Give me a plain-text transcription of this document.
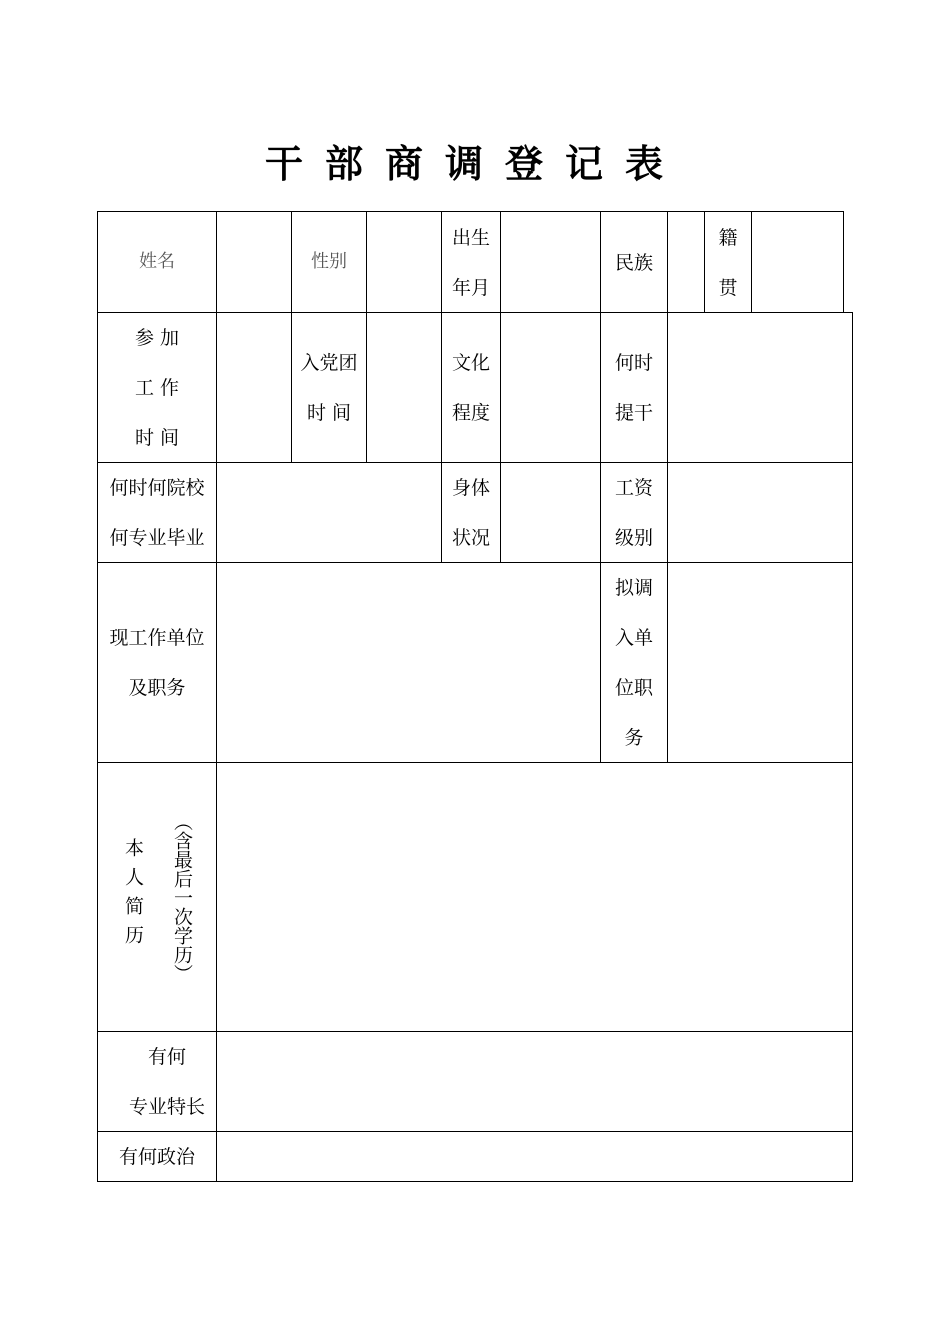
干部商调登记表
姓名	性别
出生
年月
民族
籍
贯
参 加
工 作
时 间
入党团
时 间
文化
程度
何时
提干
何时何院校
何专业毕业
身体
状况
工资
级别
现工作单位
及职务
拟调
入单
位职
务
本人简历 （含最后一次学历）
有何
专业特长
有何政治
